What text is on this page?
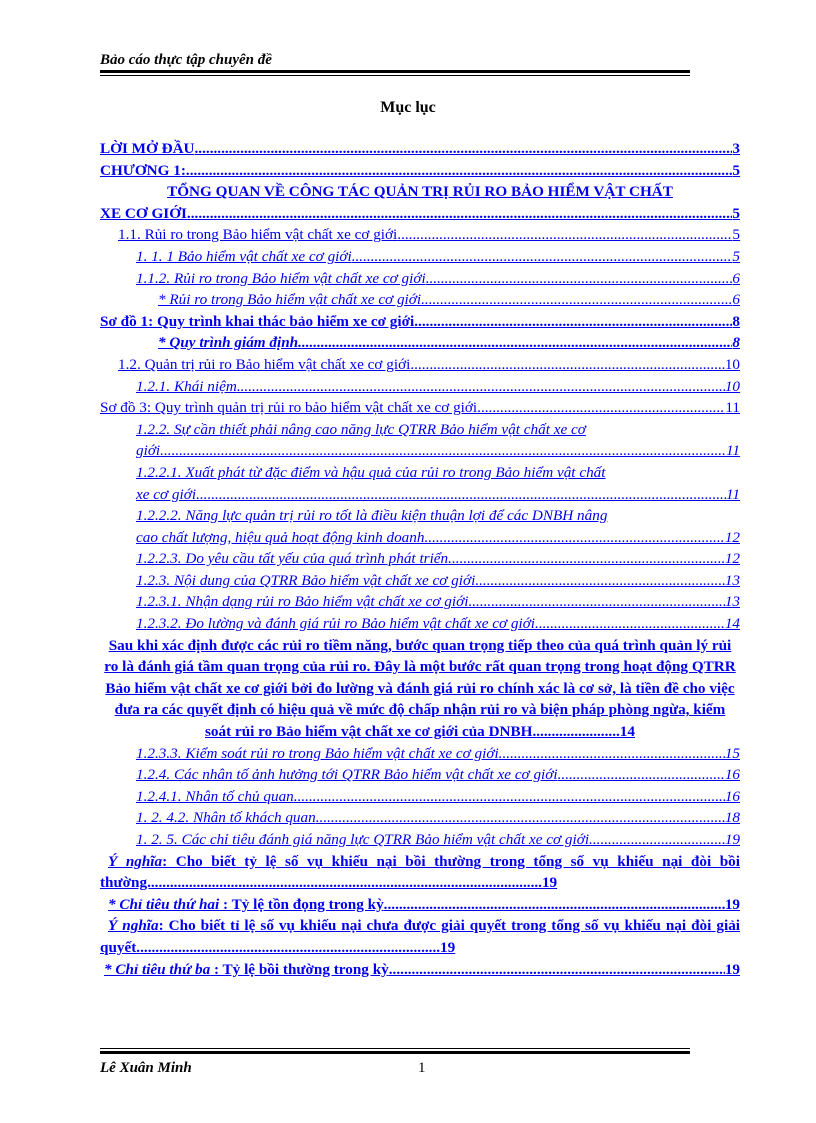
Bảo cáo thực tập chuyên đề
Mục lục
LỜI MỞ ĐẦU .....	3
CHƯƠNG 1: .....	5
TỔNG QUAN VỀ CÔNG TÁC QUẢN TRỊ RỦI RO BẢO HIỂM VẬT CHẤT
XE CƠ GIỚI. .....	5
1.1. Rủi ro trong Bảo hiểm vật chất xe cơ giới .....	5
1. 1. 1 Bảo hiểm vật chất xe cơ giới .....	5
1.1.2. Rủi ro trong Bảo hiểm vật chất xe cơ giới .....	6
* Rủi ro trong Bảo hiểm vật chất xe cơ giới .....	6
Sơ đồ 1: Quy trình khai thác bảo hiểm xe cơ giới .....	8
* Quy trình giám định. .....	8
1.2. Quản trị rủi ro Bảo hiểm vật chất xe cơ giới .....	10
1.2.1. Khái niệm .....	10
Sơ đồ 3: Quy trình quản trị rủi ro bảo hiểm vật chất xe cơ giới .....	11
1.2.2. Sự cần thiết phải nâng cao năng lực QTRR Bảo hiểm vật chất xe cơ
giới .....	11
1.2.2.1. Xuất phát từ đặc điểm và hậu quả của rủi ro trong Bảo hiểm vật chất
xe cơ giới .....	11
1.2.2.2. Năng lực quản trị rủi ro tốt là điều kiện thuận lợi để các DNBH nâng
cao chất lượng, hiệu quả hoạt động kinh doanh .....	12
1.2.2.3. Do yêu cầu tất yếu của quá trình phát triển .....	12
1.2.3. Nội dung của QTRR Bảo hiểm vật chất xe cơ giới .....	13
1.2.3.1. Nhận dạng rủi ro Bảo hiểm vật chất xe cơ giới .....	13
1.2.3.2. Đo lường và đánh giá rủi ro Bảo hiểm vật chất xe cơ giới .....	14
Sau khi xác định được các rủi ro tiềm năng, bước quan trọng tiếp theo của quá trình quản lý rủi ro là đánh giá tầm quan trọng của rủi ro. Đây là một bước rất quan trọng trong hoạt động QTRR Bảo hiểm vật chất xe cơ giới bởi đo lường và đánh giá rủi ro chính xác là cơ sở, là tiền đề cho việc đưa ra các quyết định có hiệu quả về mức độ chấp nhận rủi ro và biện pháp phòng ngừa, kiểm soát rủi ro Bảo hiểm vật chất xe cơ giới của DNBH.......................14
1.2.3.3. Kiểm soát rủi ro trong Bảo hiểm vật chất xe cơ giới .....	15
1.2.4. Các nhân tố ảnh hưởng tới QTRR Bảo hiểm vật chất xe cơ giới .....	16
1.2.4.1. Nhân tố chủ quan .....	16
1. 2. 4.2. Nhân tố khách quan .....	18
1. 2. 5. Các chỉ tiêu đánh giá năng lực QTRR Bảo hiểm vật chất xe cơ giới. .....	19
Ý nghĩa: Cho biết tỷ lệ số vụ khiếu nại bồi thường trong tổng số vụ khiếu nại đòi bồi thường........................................................................................................19
* Chỉ tiêu thứ hai : Tỷ lệ tồn đọng trong kỳ .....	19
Ý nghĩa: Cho biết tỉ lệ số vụ khiếu nại chưa được giải quyết trong tổng số vụ khiếu nại đòi giải quyết................................................................................19
* Chỉ tiêu thứ ba : Tỷ lệ bồi thường trong kỳ .....	19
Lê Xuân Minh	1
